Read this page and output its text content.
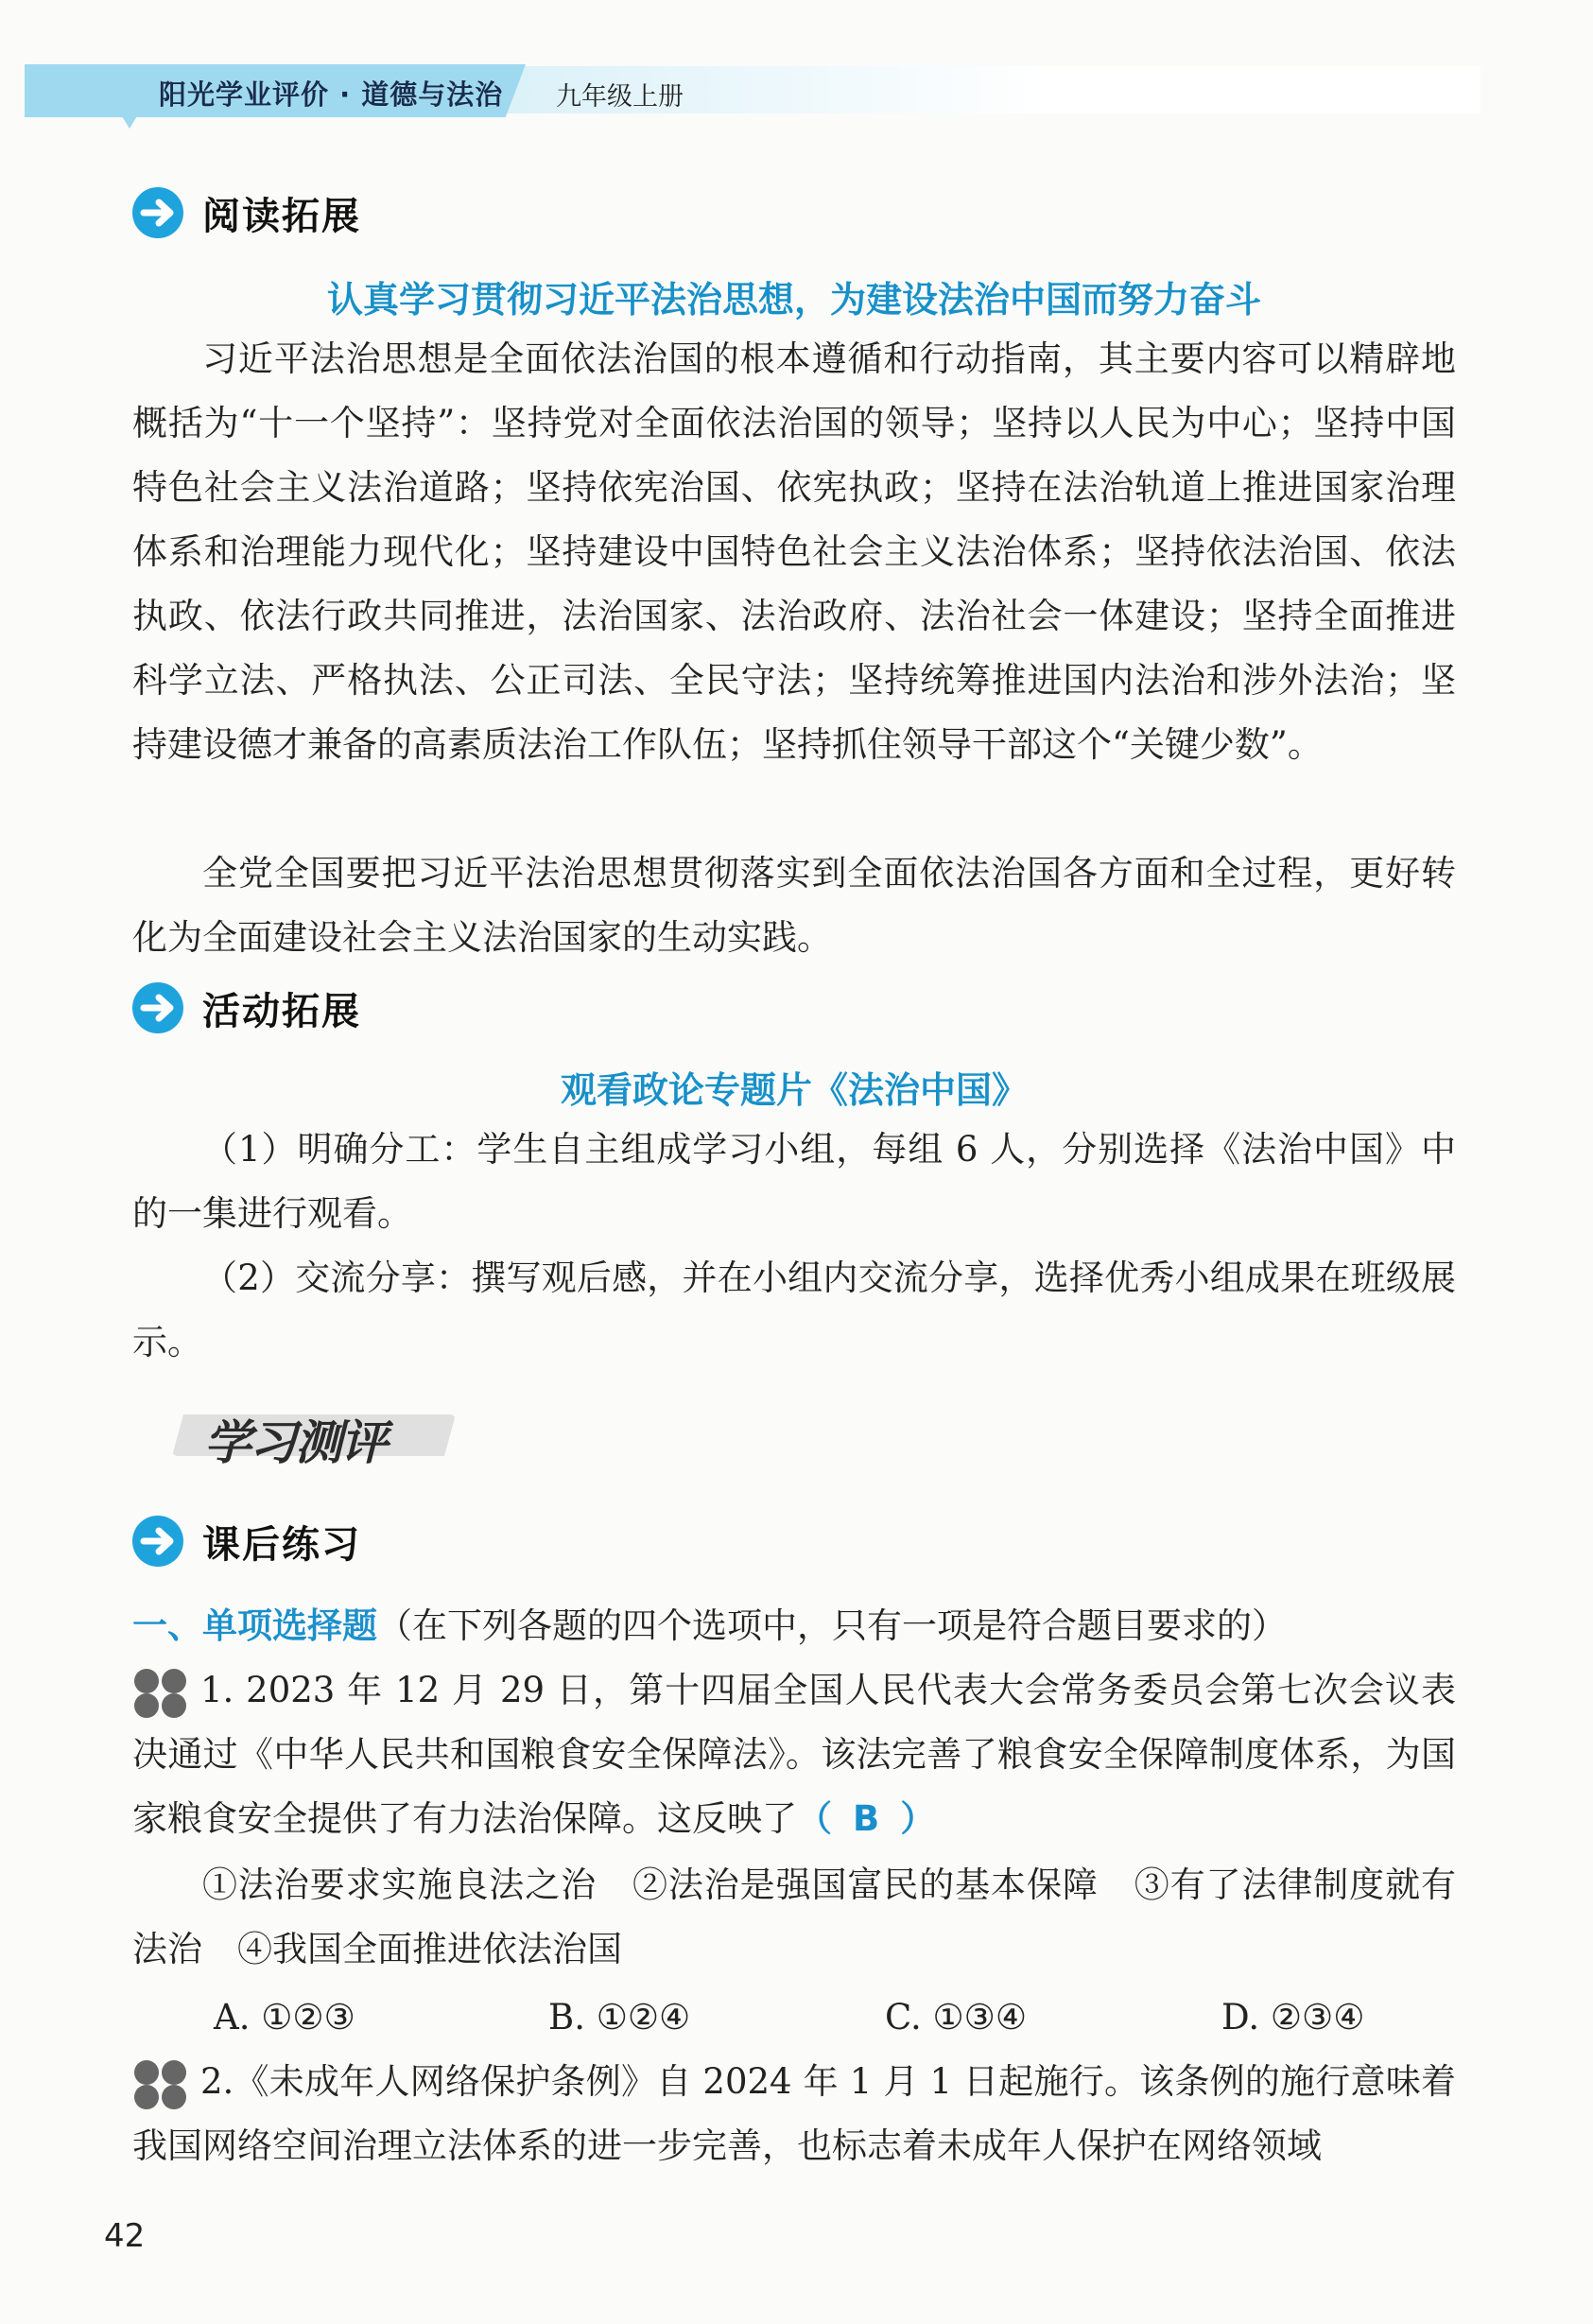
阳光学业评价 · 道德与法治 九年级上册
阅读拓展
认真学习贯彻习近平法治思想，为建设法治中国而努力奋斗

习近平法治思想是全面依法治国的根本遵循和行动指南，其主要内容可以精辟地概括为“十一个坚持”：坚持党对全面依法治国的领导；坚持以人民为中心；坚持中国特色社会主义法治道路；坚持依宪治国、依宪执政；坚持在法治轨道上推进国家治理体系和治理能力现代化；坚持建设中国特色社会主义法治体系；坚持依法治国、依法执政、依法行政共同推进，法治国家、法治政府、法治社会一体建设；坚持全面推进科学立法、严格执法、公正司法、全民守法；坚持统筹推进国内法治和涉外法治；坚持建设德才兼备的高素质法治工作队伍；坚持抓住领导干部这个“关键少数”。

全党全国要把习近平法治思想贯彻落实到全面依法治国各方面和全过程，更好转化为全面建设社会主义法治国家的生动实践。

活动拓展
观看政论专题片《法治中国》

（1）明确分工：学生自主组成学习小组，每组 6 人，分别选择《法治中国》中的一集进行观看。

（2）交流分享：撰写观后感，并在小组内交流分享，选择优秀小组成果在班级展示。

学习测评
课后练习
一、单项选择题（在下列各题的四个选项中，只有一项是符合题目要求的）

1. 2023 年 12 月 29 日，第十四届全国人民代表大会常务委员会第七次会议表决通过《中华人民共和国粮食安全保障法》。该法完善了粮食安全保障制度体系，为国家粮食安全提供了有力法治保障。这反映了（ B ）

①法治要求实施良法之治　②法治是强国富民的基本保障　③有了法律制度就有法治　④我国全面推进依法治国

A. ①②③	B. ①②④	C. ①③④	D. ②③④

2.《未成年人网络保护条例》自 2024 年 1 月 1 日起施行。该条例的施行意味着我国网络空间治理立法体系的进一步完善，也标志着未成年人保护在网络领域

42
